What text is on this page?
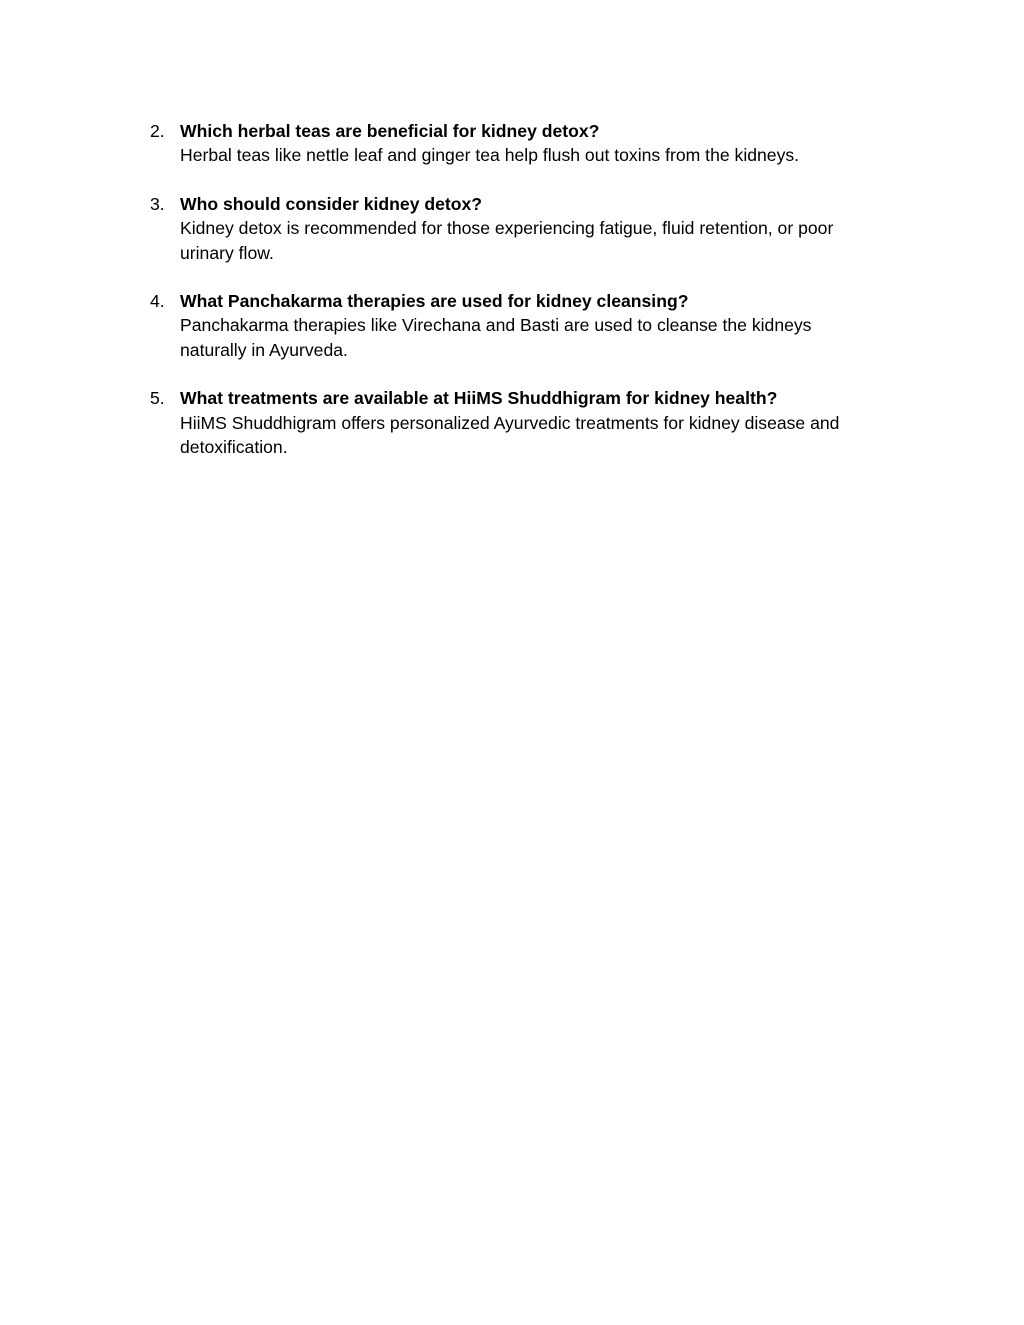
2. Which herbal teas are beneficial for kidney detox?
Herbal teas like nettle leaf and ginger tea help flush out toxins from the kidneys.
3. Who should consider kidney detox?
Kidney detox is recommended for those experiencing fatigue, fluid retention, or poor urinary flow.
4. What Panchakarma therapies are used for kidney cleansing?
Panchakarma therapies like Virechana and Basti are used to cleanse the kidneys naturally in Ayurveda.
5. What treatments are available at HiiMS Shuddhigram for kidney health?
HiiMS Shuddhigram offers personalized Ayurvedic treatments for kidney disease and detoxification.
